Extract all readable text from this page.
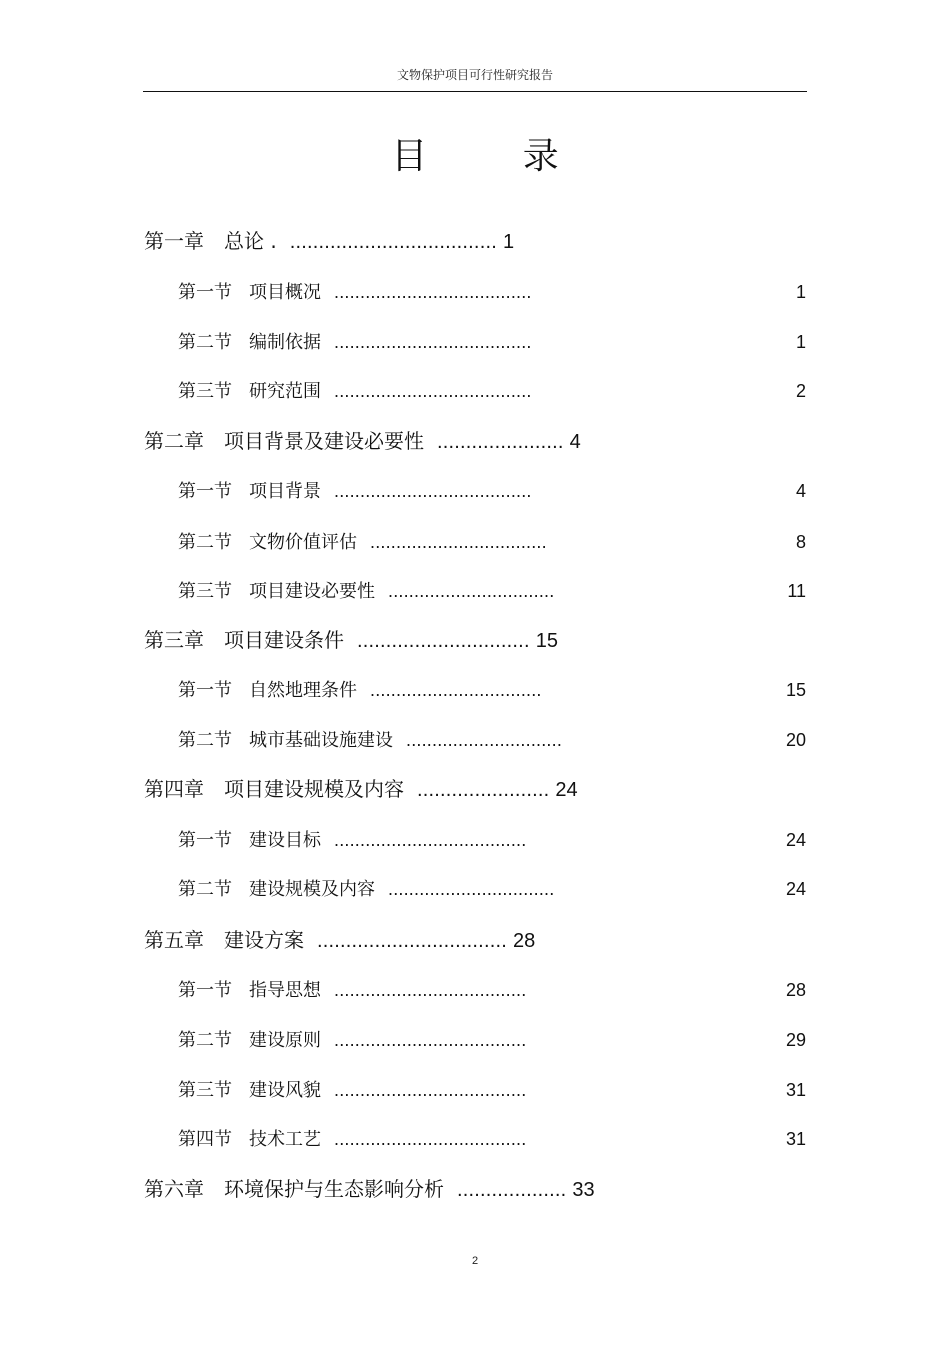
文物保护项目可行性研究报告
目 录
第一章 总论 . .................................... 1
第一节 项目概况 ......................................	1
第二节 编制依据 ......................................	1
第三节 研究范围 ......................................	2
第二章 项目背景及建设必要性 ...................... 4
第一节 项目背景 ......................................	4
第二节 文物价值评估 ..................................	8
第三节 项目建设必要性 ................................	11
第三章 项目建设条件 .............................. 15
第一节 自然地理条件 .................................	15
第二节 城市基础设施建设 ..............................	20
第四章 项目建设规模及内容 ....................... 24
第一节 建设目标 .....................................	24
第二节 建设规模及内容 ................................	24
第五章 建设方案 ................................. 28
第一节 指导思想 .....................................	28
第二节 建设原则 .....................................	29
第三节 建设风貌 .....................................	31
第四节 技术工艺 .....................................	31
第六章 环境保护与生态影响分析 ................... 33
2
